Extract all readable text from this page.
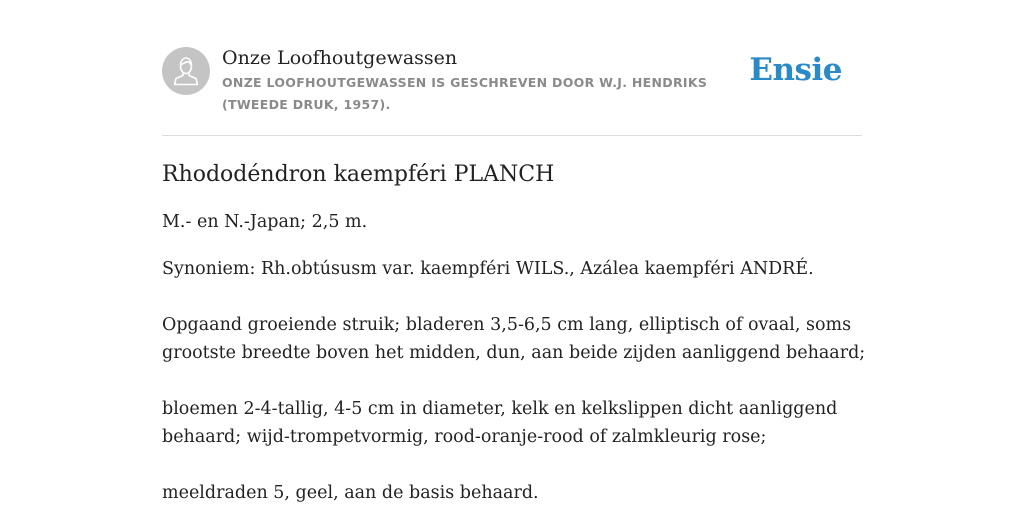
Onze Loofhoutgewassen
ONZE LOOFHOUTGEWASSEN IS GESCHREVEN DOOR W.J. HENDRIKS (TWEEDE DRUK, 1957).
Ensie
Rhododéndron kaempféri PLANCH

M.- en N.-Japan; 2,5 m.

Synoniem: Rh.obtúsusm var. kaempféri WILS., Azálea kaempféri ANDRÉ.

Opgaand groeiende struik; bladeren 3,5-6,5 cm lang, elliptisch of ovaal, soms
grootste breedte boven het midden, dun, aan beide zijden aanliggend behaard;

bloemen 2-4-tallig, 4-5 cm in diameter, kelk en kelkslippen dicht aanliggend
behaard; wijd-trompetvormig, rood-oranje-rood of zalmkleurig rose;

meeldraden 5, geel, aan de basis behaard.
